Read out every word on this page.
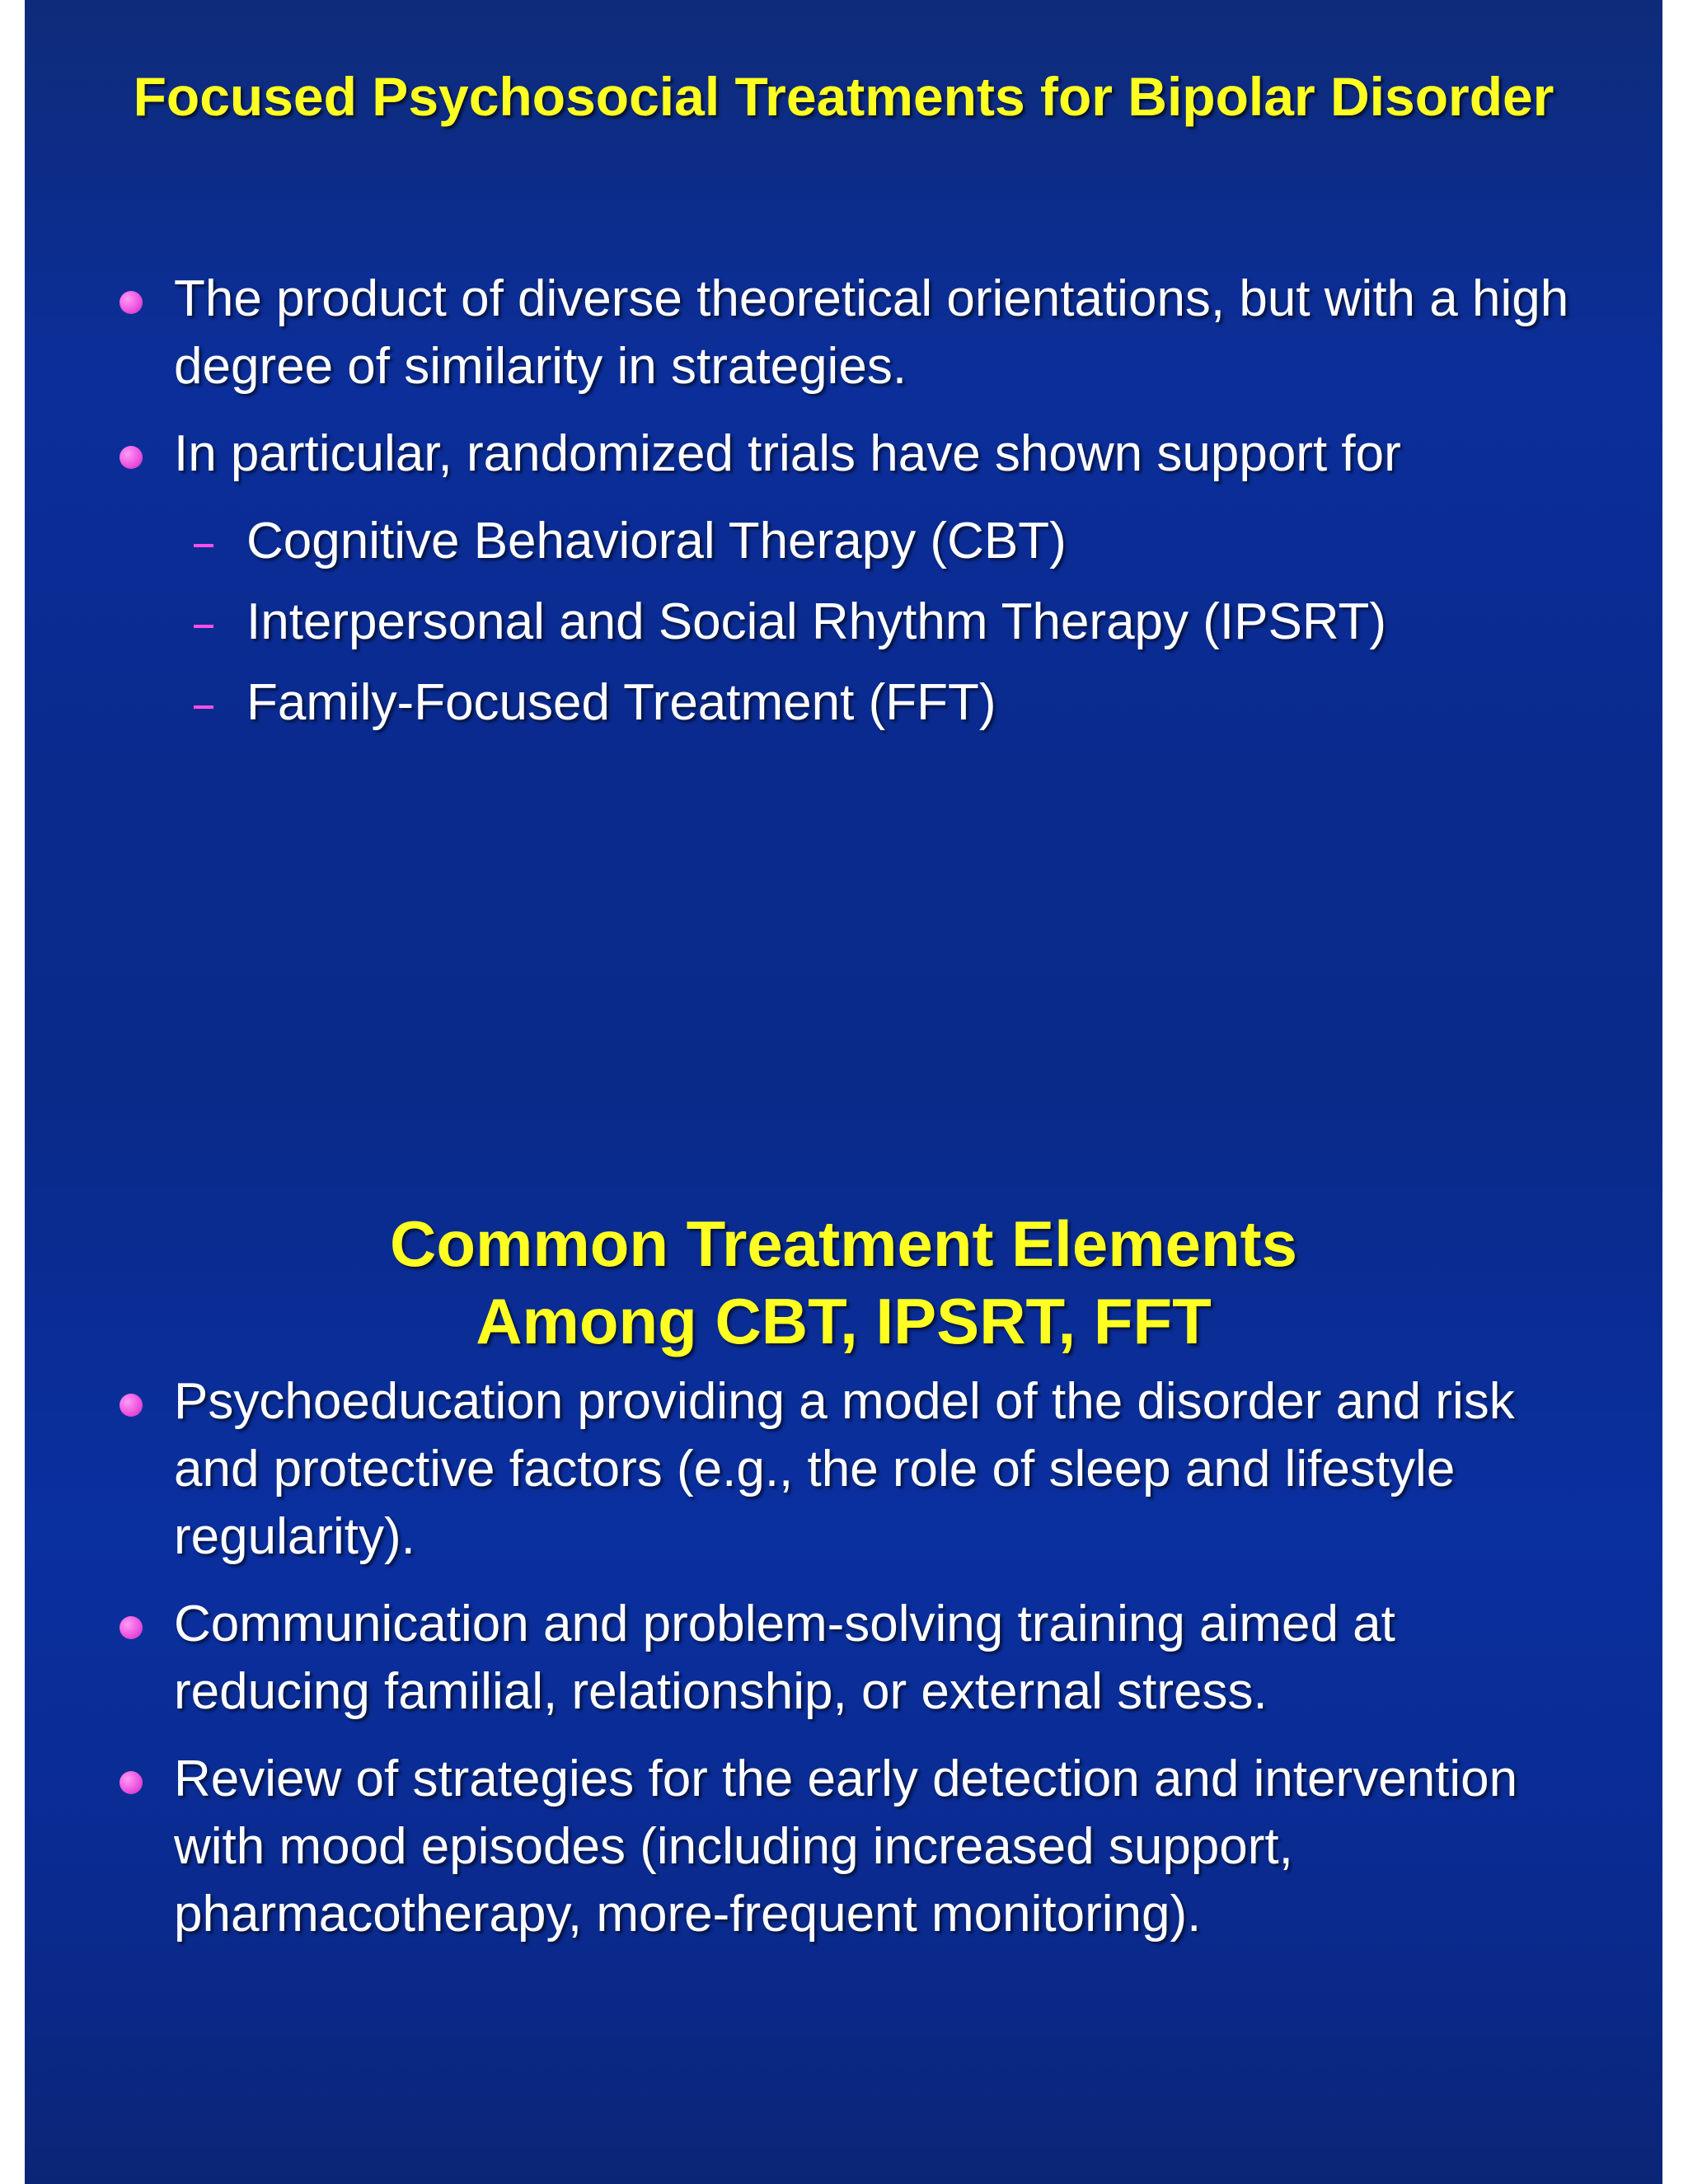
Focused Psychosocial Treatments for Bipolar Disorder
The product of diverse theoretical orientations, but with a high degree of similarity in strategies.
In particular, randomized trials have shown support for
Cognitive Behavioral Therapy (CBT)
Interpersonal and Social Rhythm Therapy (IPSRT)
Family-Focused Treatment (FFT)
Common Treatment Elements
Among CBT, IPSRT, FFT
Psychoeducation providing a model of the disorder and risk and protective factors (e.g., the role of sleep and lifestyle regularity).
Communication and problem-solving training aimed at reducing familial, relationship, or external stress.
Review of strategies for the early detection and intervention with mood episodes (including increased support, pharmacotherapy, more-frequent monitoring).
